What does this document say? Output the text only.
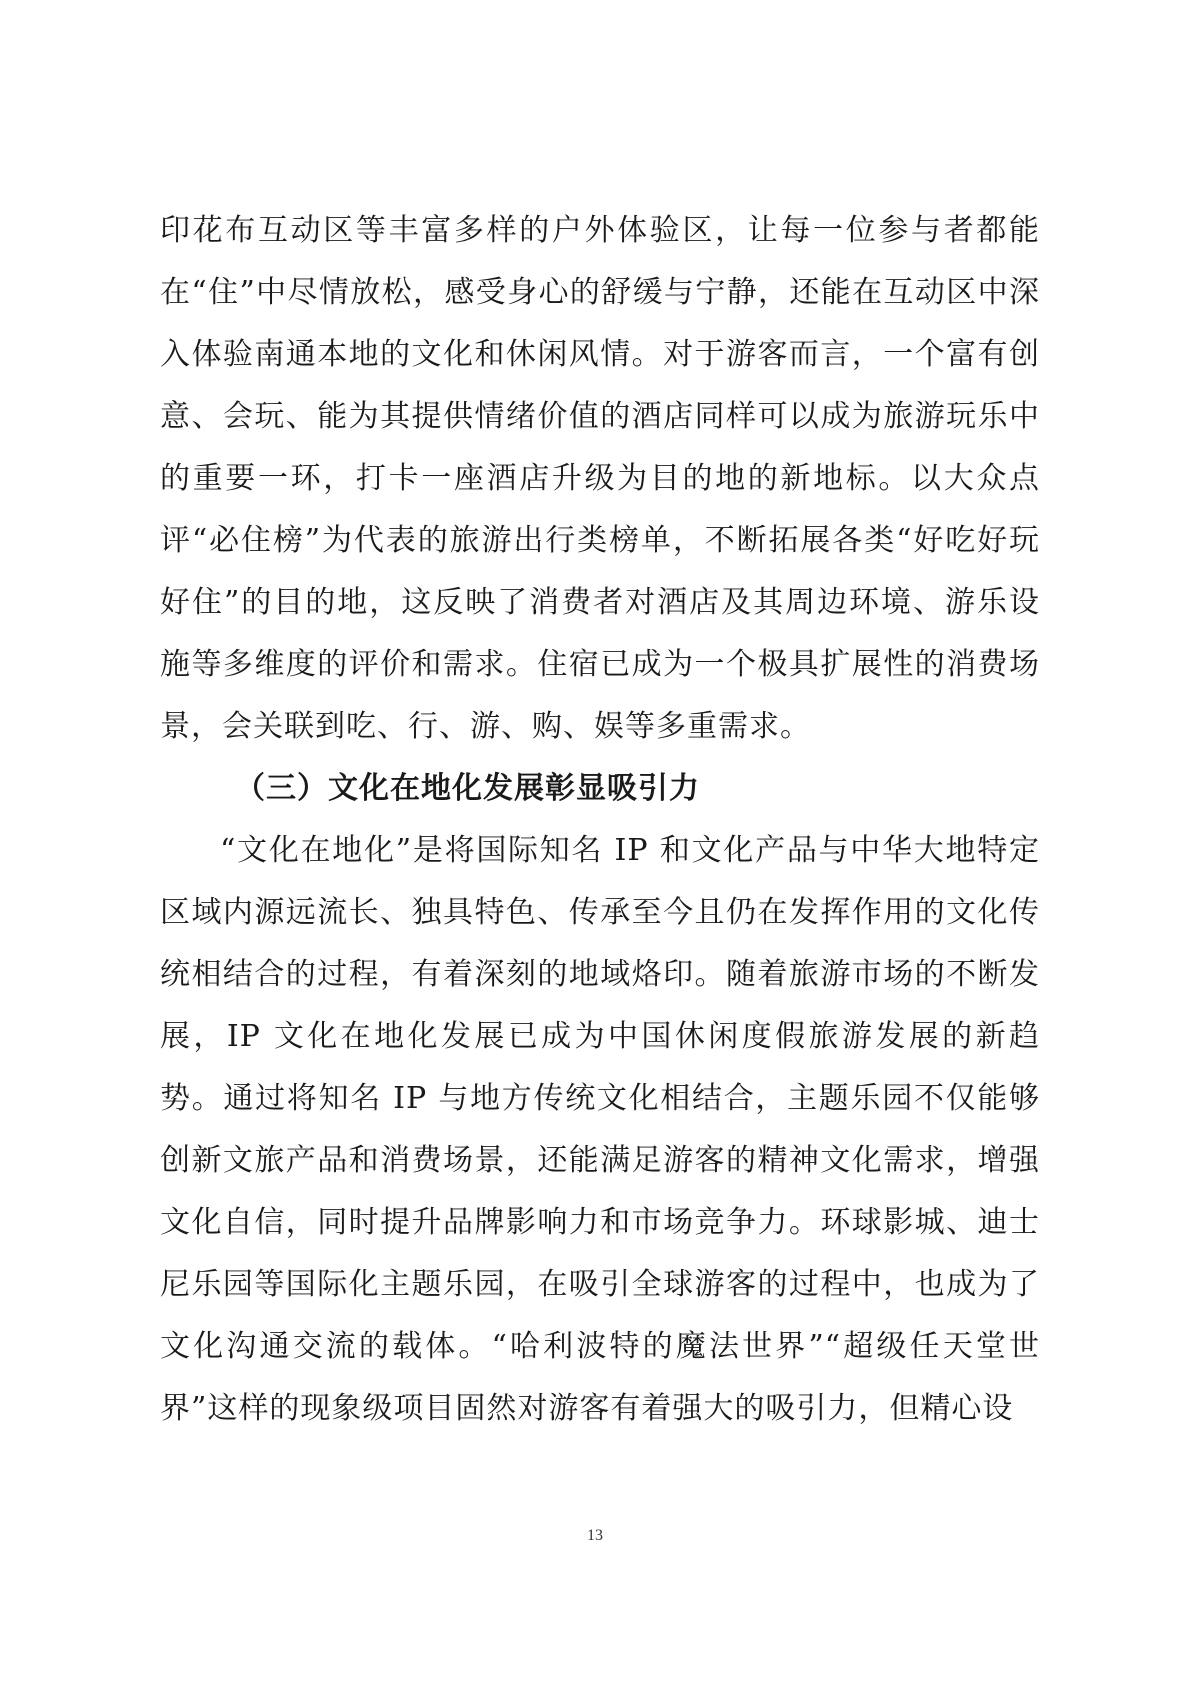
印花布互动区等丰富多样的户外体验区，让每一位参与者都能在“住”中尽情放松，感受身心的舒缓与宁静，还能在互动区中深入体验南通本地的文化和休闲风情。对于游客而言，一个富有创意、会玩、能为其提供情绪价值的酒店同样可以成为旅游玩乐中的重要一环，打卡一座酒店升级为目的地的新地标。以大众点评“必住榜”为代表的旅游出行类榜单，不断拓展各类“好吃好玩好住”的目的地，这反映了消费者对酒店及其周边环境、游乐设施等多维度的评价和需求。住宿已成为一个极具扩展性的消费场景，会关联到吃、行、游、购、娱等多重需求。

（三）文化在地化发展彰显吸引力

“文化在地化”是将国际知名 IP 和文化产品与中华大地特定区域内源远流长、独具特色、传承至今且仍在发挥作用的文化传统相结合的过程，有着深刻的地域烙印。随着旅游市场的不断发展，IP 文化在地化发展已成为中国休闲度假旅游发展的新趋势。通过将知名 IP 与地方传统文化相结合，主题乐园不仅能够创新文旅产品和消费场景，还能满足游客的精神文化需求，增强文化自信，同时提升品牌影响力和市场竞争力。环球影城、迪士尼乐园等国际化主题乐园，在吸引全球游客的过程中，也成为了文化沟通交流的载体。“哈利波特的魔法世界”“超级任天堂世界”这样的现象级项目固然对游客有着强大的吸引力，但精心设

13
